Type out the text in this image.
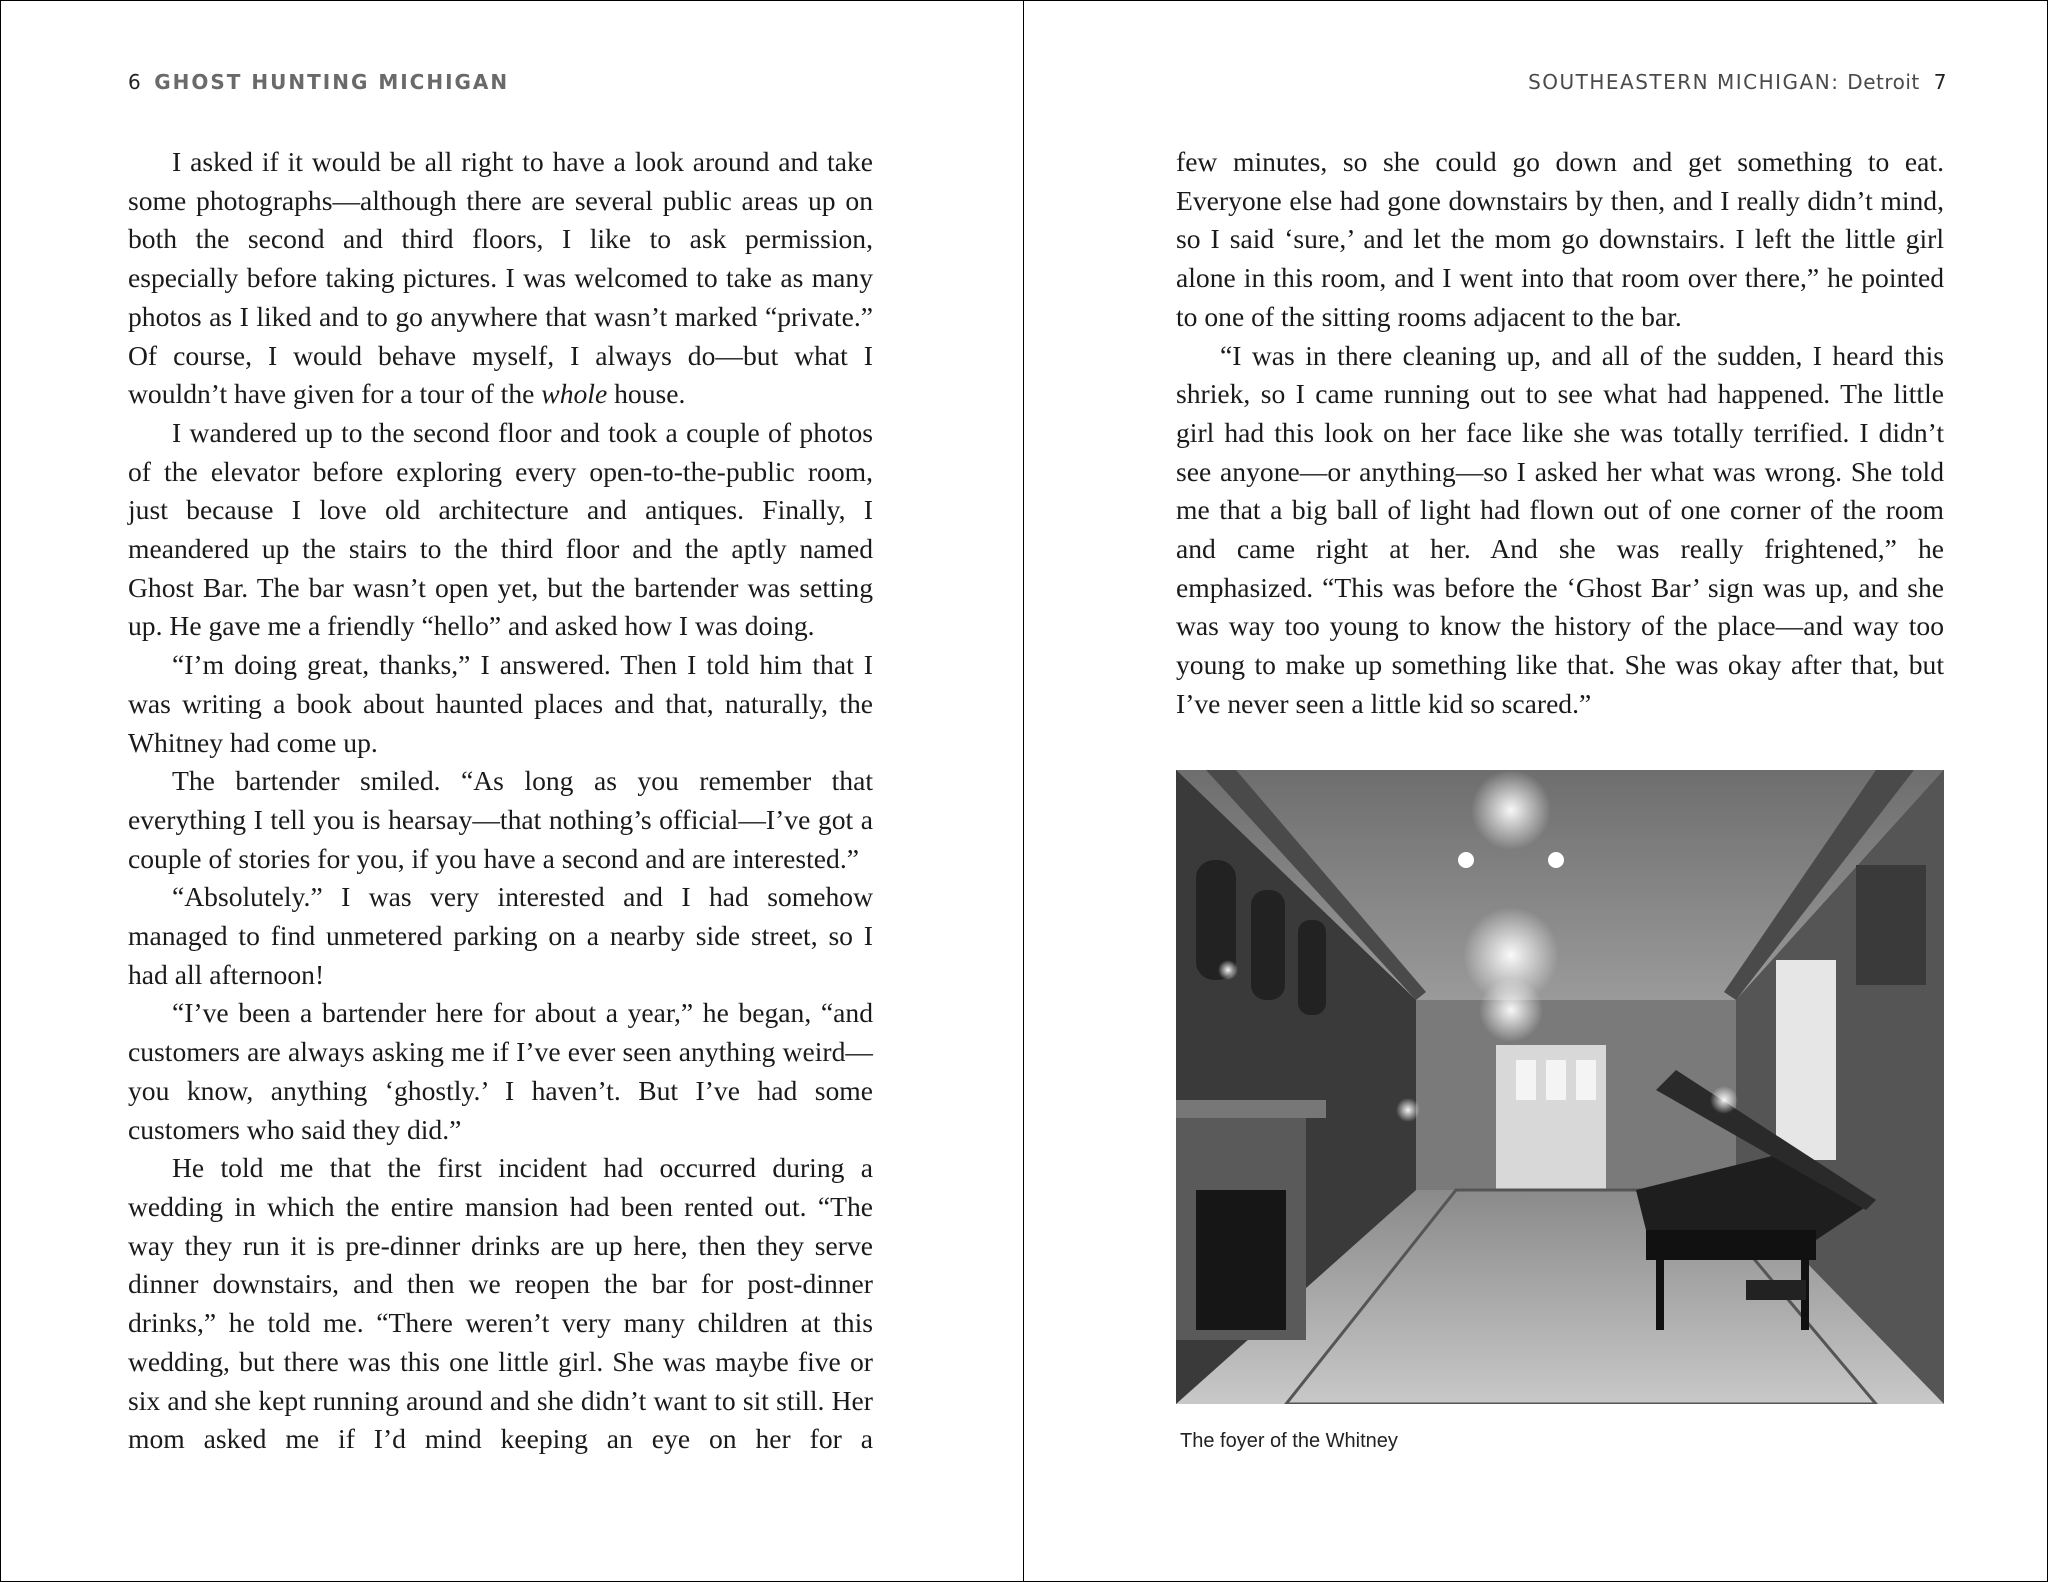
6 GHOST HUNTING MICHIGAN

I asked if it would be all right to have a look around and take some photographs—although there are several public areas up on both the second and third floors, I like to ask permission, especially before taking pictures. I was welcomed to take as many photos as I liked and to go anywhere that wasn’t marked “private.” Of course, I would behave myself, I always do—but what I wouldn’t have given for a tour of the whole house.

I wandered up to the second floor and took a couple of photos of the elevator before exploring every open-to-the-public room, just because I love old architecture and antiques. Finally, I meandered up the stairs to the third floor and the aptly named Ghost Bar. The bar wasn’t open yet, but the bartender was setting up. He gave me a friendly “hello” and asked how I was doing.

“I’m doing great, thanks,” I answered. Then I told him that I was writing a book about haunted places and that, naturally, the Whitney had come up.

The bartender smiled. “As long as you remember that everything I tell you is hearsay—that nothing’s official—I’ve got a couple of stories for you, if you have a second and are interested.”

“Absolutely.” I was very interested and I had somehow managed to find unmetered parking on a nearby side street, so I had all afternoon!

“I’ve been a bartender here for about a year,” he began, “and customers are always asking me if I’ve ever seen anything weird—you know, anything ‘ghostly.’ I haven’t. But I’ve had some customers who said they did.”

He told me that the first incident had occurred during a wedding in which the entire mansion had been rented out. “The way they run it is pre-dinner drinks are up here, then they serve dinner downstairs, and then we reopen the bar for post-dinner drinks,” he told me. “There weren’t very many children at this wedding, but there was this one little girl. She was maybe five or six and she kept running around and she didn’t want to sit still. Her mom asked me if I’d mind keeping an eye on her for a

SOUTHEASTERN MICHIGAN: Detroit 7

few minutes, so she could go down and get something to eat. Everyone else had gone downstairs by then, and I really didn’t mind, so I said ‘sure,’ and let the mom go downstairs. I left the little girl alone in this room, and I went into that room over there,” he pointed to one of the sitting rooms adjacent to the bar.

“I was in there cleaning up, and all of the sudden, I heard this shriek, so I came running out to see what had happened. The little girl had this look on her face like she was totally terrified. I didn’t see anyone—or anything—so I asked her what was wrong. She told me that a big ball of light had flown out of one corner of the room and came right at her. And she was really frightened,” he emphasized. “This was before the ‘Ghost Bar’ sign was up, and she was way too young to know the history of the place—and way too young to make up something like that. She was okay after that, but I’ve never seen a little kid so scared.”

The foyer of the Whitney
